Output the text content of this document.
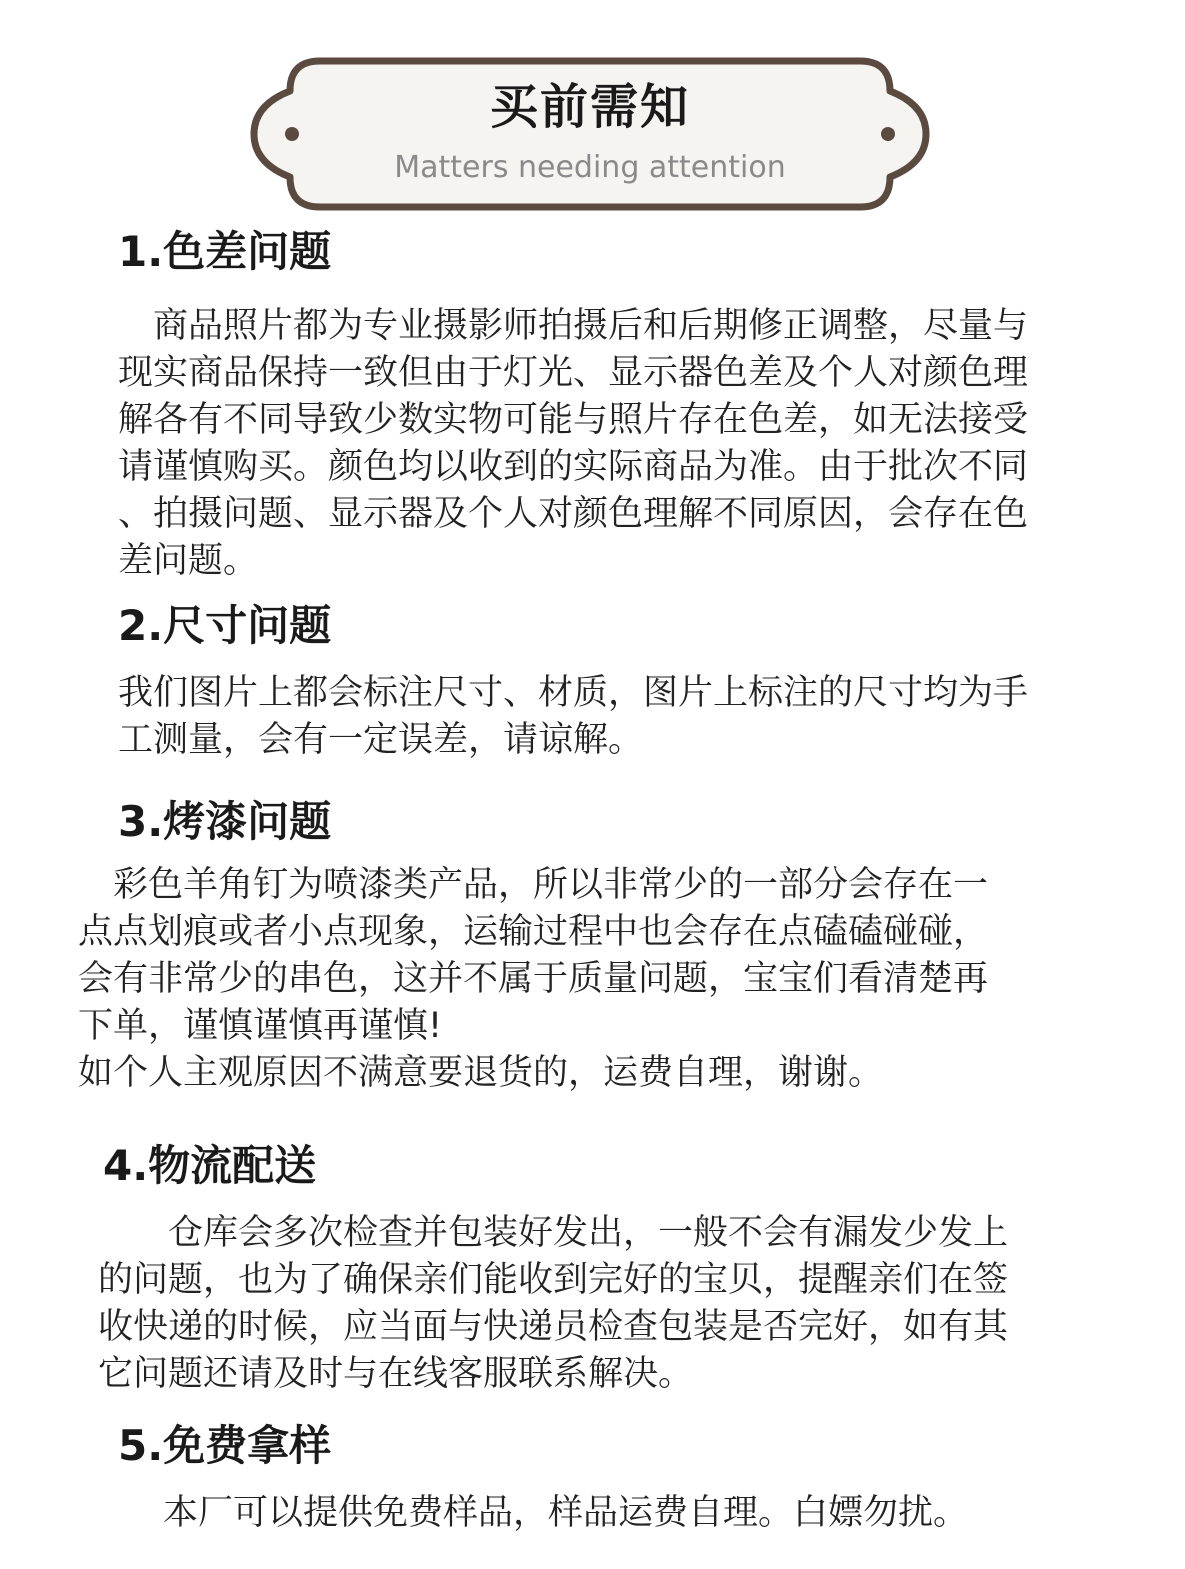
买前需知
Matters needing attention
1.色差问题
　商品照片都为专业摄影师拍摄后和后期修正调整，尽量与
现实商品保持一致但由于灯光、显示器色差及个人对颜色理
解各有不同导致少数实物可能与照片存在色差，如无法接受
请谨慎购买。颜色均以收到的实际商品为准。由于批次不同
、拍摄问题、显示器及个人对颜色理解不同原因，会存在色
差问题。
2.尺寸问题
我们图片上都会标注尺寸、材质，图片上标注的尺寸均为手
工测量，会有一定误差，请谅解。
3.烤漆问题
　彩色羊角钉为喷漆类产品，所以非常少的一部分会存在一
点点划痕或者小点现象，运输过程中也会存在点磕磕碰碰，
会有非常少的串色，这并不属于质量问题，宝宝们看清楚再
下单，谨慎谨慎再谨慎!
如个人主观原因不满意要退货的，运费自理，谢谢。
4.物流配送
　　仓库会多次检查并包装好发出，一般不会有漏发少发上
的问题，也为了确保亲们能收到完好的宝贝，提醒亲们在签
收快递的时候，应当面与快递员检查包装是否完好，如有其
它问题还请及时与在线客服联系解决。
5.免费拿样
本厂可以提供免费样品，样品运费自理。白嫖勿扰。
